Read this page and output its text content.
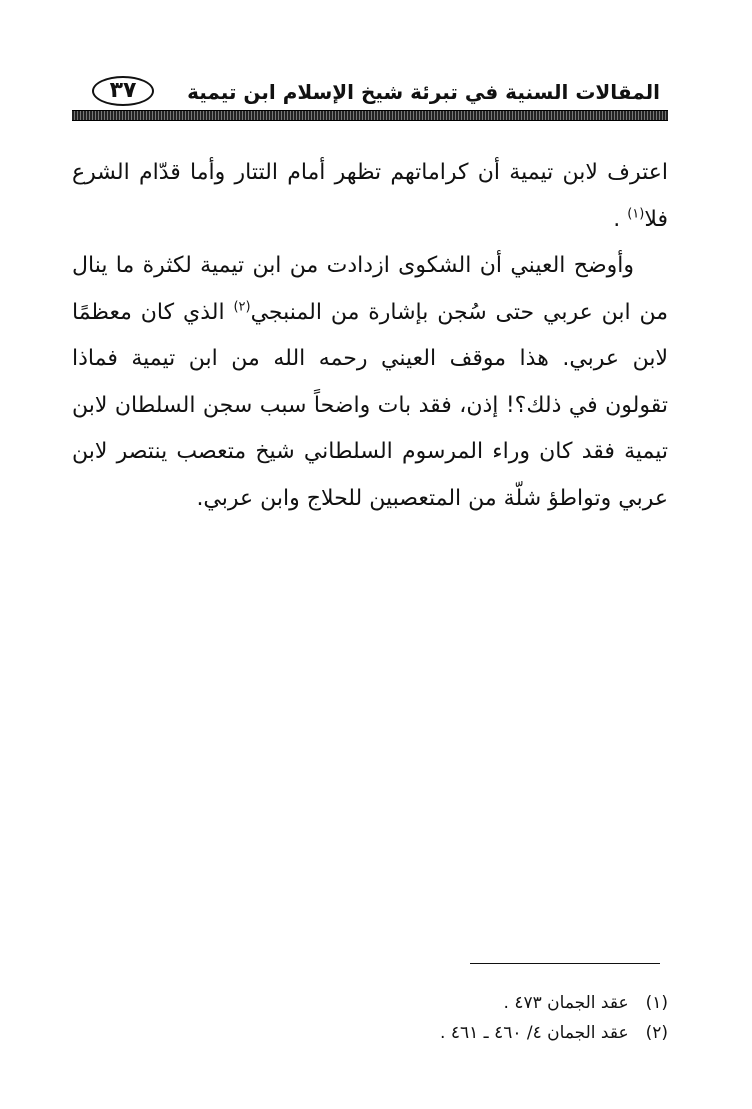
٣٧	المقالات السنية في تبرئة شيخ الإسلام ابن تيمية

اعترف لابن تيمية أن كراماتهم تظهر أمام التتار وأما قدّام الشرع فلا$^{(١)}$ .

وأوضح العيني أن الشكوى ازدادت من ابن تيمية لكثرة ما ينال من ابن عربي حتى سُجن بإشارة من المنبجي$^{(٢)}$ الذي كان معظمًا لابن عربي. هذا موقف العيني رحمه الله من ابن تيمية فماذا تقولون في ذلك؟! إذن، فقد بات واضحاً سبب سجن السلطان لابن تيمية فقد كان وراء المرسوم السلطاني شيخ متعصب ينتصر لابن عربي وتواطؤ شلّة من المتعصبين للحلاج وابن عربي.

(١) عقد الجمان ٤٧٣ .
(٢) عقد الجمان ٤/ ٤٦٠ ـ ٤٦١ .
